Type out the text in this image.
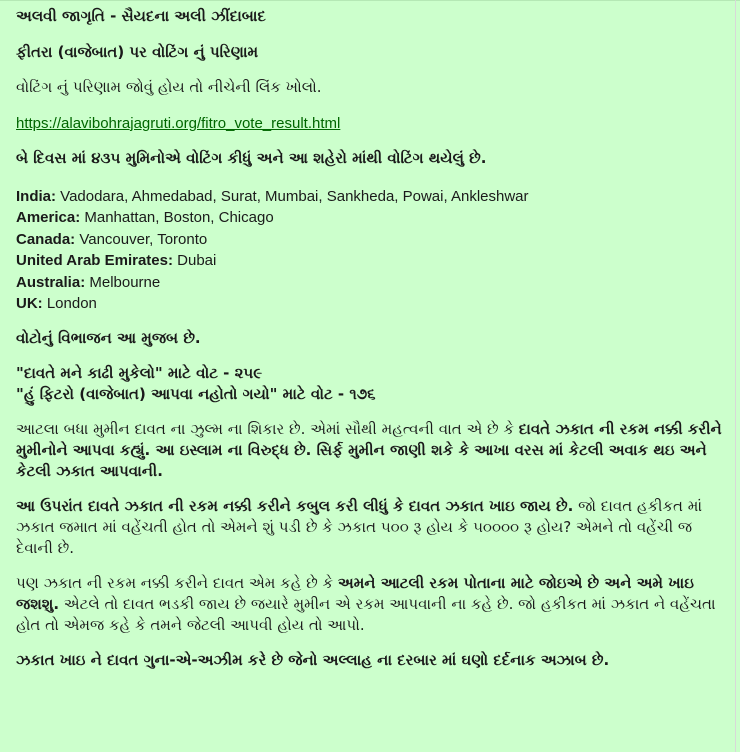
અલવી જાગૃતિ - સૈયદના અલી ઝીંદાબાદ

ફીતરા (વાજેબાત) પર વોટિંગ નું પરિણામ

વોટિંગ નું પરિણામ જોવું હોય તો નીચેની લિંક ખોલો.

https://alavibohrajagruti.org/fitro_vote_result.html

બે દિવસ માં ૪૩૫ મુમિનોએ વોટિંગ કીધું અને આ શહેરો માંથી વોટિંગ થયેલું છે.

India: Vadodara, Ahmedabad, Surat, Mumbai, Sankheda, Powai, Ankleshwar
America: Manhattan, Boston, Chicago
Canada: Vancouver, Toronto
United Arab Emirates: Dubai
Australia: Melbourne
UK: London

વોટોનું વિભાજન આ મુજબ છે.

"દાવતે મને કાઢી મુકેલો" માટે વોટ - ૨૫૯
"હું ફિટરો (વાજેબાત) આપવા નહોતો ગયો" માટે વોટ - ૧૭૬

આટલા બધા મુમીન દાવત ના ઝુલ્મ ના શિકાર છે. એમાં સૌથી મહત્વની વાત એ છે કે દાવતે ઝકાત ની રકમ નક્કી કરીને મુમીનોને આપવા કહ્યું. આ ઇસ્લામ ના વિરુદ્ધ છે. સિર્ફ મુમીન જાણી શકે કે આખા વરસ માં કેટલી અવાક થઇ અને કેટલી ઝકાત આપવાની.

આ ઉપરાંત દાવતે ઝકાત ની રકમ નક્કી કરીને કબુલ કરી લીધું કે દાવત ઝકાત ખાઇ જાય છે. જો દાવત હકીકત માં ઝકાત જમાત માં વહેંચતી હોત તો એમને શું પડી છે કે ઝકાત ૫૦૦ રૂ હોય કે ૫૦૦૦૦ રૂ હોય? એમને તો વહેંચી જ દેવાની છે.

પણ ઝકાત ની રકમ નક્કી કરીને દાવત એમ કહે છે કે અમને આટલી રકમ પોતાના માટે જોઇએ છે અને અમે ખાઇ જશશુ. એટલે તો દાવત ભડકી જાય છે જયારે મુમીન એ રકમ આપવાની ના કહે છે. જો હકીકત માં ઝકાત ને વહેંચતા હોત તો એમજ કહે કે તમને જેટલી આપવી હોય તો આપો.

ઝકાત ખાઇ ને દાવત ગુના-એ-અઝીમ કરે છે જેનો અલ્લાહ ના દરબાર માં ઘણો દર્દનાક અઝાબ છે.
